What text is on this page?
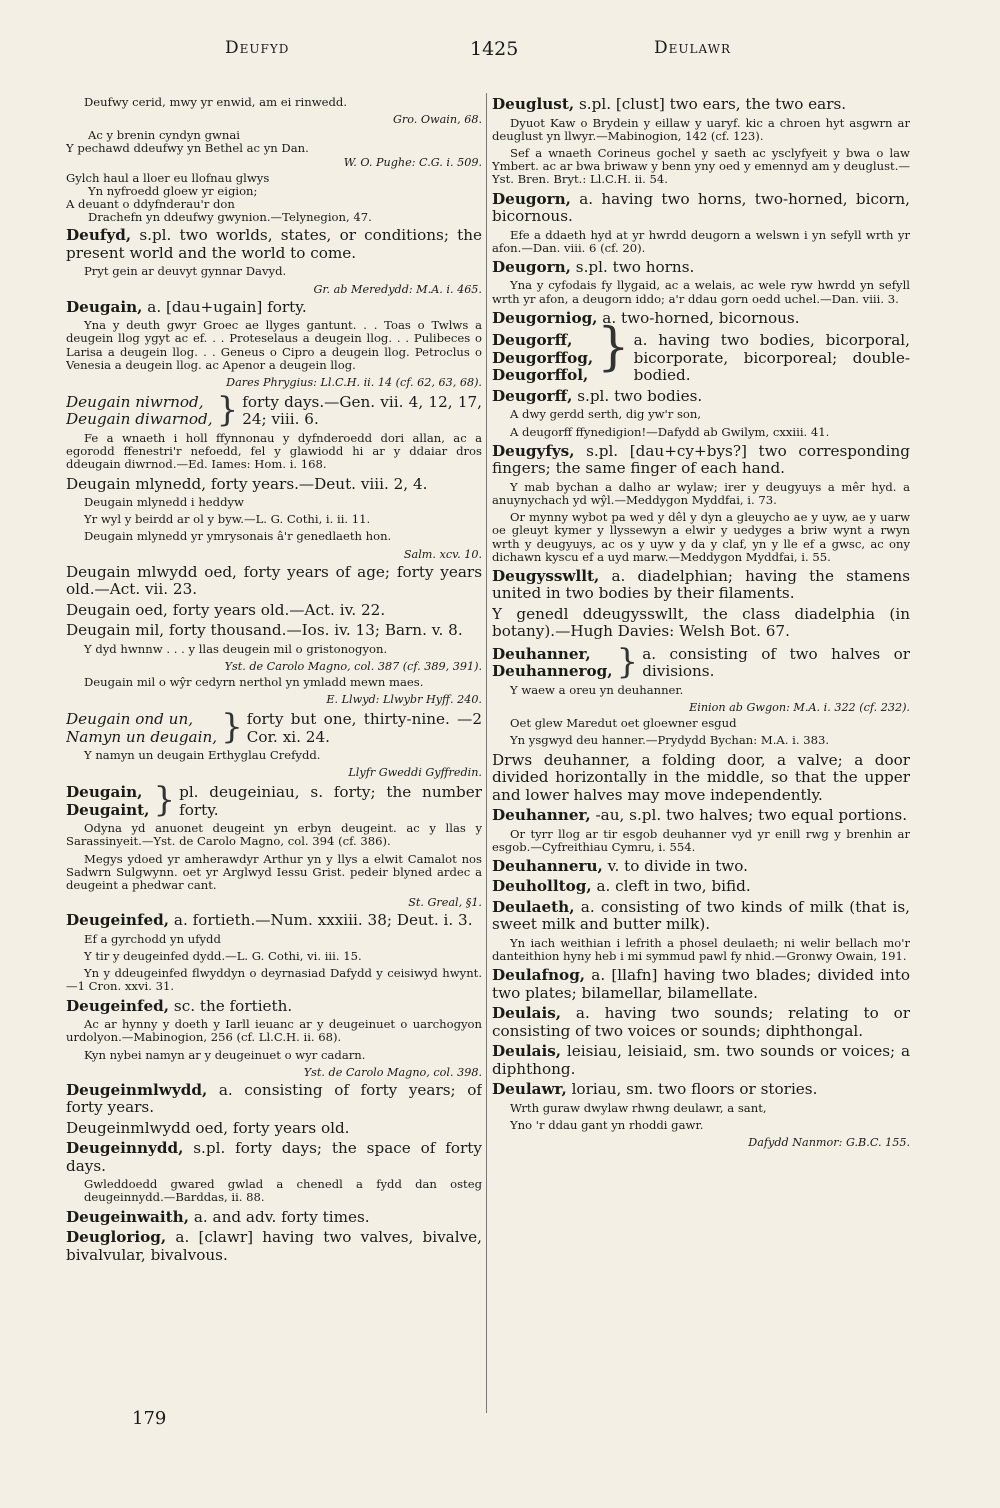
Deufyd	1425	Deulawr
Deufwy cerid, mwy yr enwid, am ei rinwedd.
Gro. Owain, 68.
Ac y brenin cyndyn gwnai
Y pechawd ddeufwy yn Bethel ac yn Dan.
W. O. Pughe: C.G. i. 509.
Gylch haul a lloer eu llofnau glwys
Yn nyfroedd gloew yr eigion;
A deuant o ddyfnderau'r don
Drachefn yn ddeufwy gwynion.—Telynegion, 47.
Deufyd, s.pl. two worlds, states, or conditions; the present world and the world to come.
Pryt gein ar deuvyt gynnar Davyd.
Gr. ab Meredydd: M.A. i. 465.
Deugain, a. [dau+ugain] forty.
Yna y deuth gwyr Groec ae llyges gantunt. . . Toas o Twlws a deugein llog ygyt ac ef. . . Proteselaus a deugein llog. . . Pulibeces o Larisa a deugein llog. . . Geneus o Cipro a deugein llog. Petroclus o Venesia a deugein llog. ac Apenor a deugein llog.
Dares Phrygius: Ll.C.H. ii. 14 (cf. 62, 63, 68).
Deugain niwrnod,
Deugain diwarnod, } forty days.—Gen. vii. 4, 12, 17, 24; viii. 6.
Fe a wnaeth i holl ffynnonau y dyfnderoedd dori allan, ac a egorodd ffenestri'r nefoedd, fel y glawiodd hi ar y ddaiar dros ddeugain diwrnod.—Ed. Iames: Hom. i. 168.
Deugain mlynedd, forty years.—Deut. viii. 2, 4.
Deugain mlynedd i heddyw
Yr wyl y beirdd ar ol y byw.—L. G. Cothi, i. ii. 11.
Deugain mlynedd yr ymrysonais â'r genedlaeth hon.
Salm. xcv. 10.
Deugain mlwydd oed, forty years of age; forty years old.—Act. vii. 23.
Deugain oed, forty years old.—Act. iv. 22.
Deugain mil, forty thousand.—Ios. iv. 13; Barn. v. 8.
Y dyd hwnnw . . . y llas deugein mil o gristonogyon.
Yst. de Carolo Magno, col. 387 (cf. 389, 391).
Deugain mil o wŷr cedyrn nerthol yn ymladd mewn maes.
E. Llwyd: Llwybr Hyff. 240.
Deugain ond un,
Namyn un deugain, } forty but one, thirty-nine. —2 Cor. xi. 24.
Y namyn un deugain Erthyglau Crefydd.
Llyfr Gweddi Gyffredin.
Deugain,
Deugaint, } pl. deugeiniau, s. forty; the number forty.
Odyna yd anuonet deugeint yn erbyn deugeint. ac y llas y Sarassinyeit.—Yst. de Carolo Magno, col. 394 (cf. 386).
Megys ydoed yr amherawdyr Arthur yn y llys a elwit Camalot nos Sadwrn Sulgwynn. oet yr Arglwyd Iessu Grist. pedeir blyned ardec a deugeint a phedwar cant.
St. Greal, §1.
Deugeinfed, a. fortieth.—Num. xxxiii. 38; Deut. i. 3.
Ef a gyrchodd yn ufydd
Y tir y deugeinfed dydd.—L. G. Cothi, vi. iii. 15.
Yn y ddeugeinfed flwyddyn o deyrnasiad Dafydd y ceisiwyd hwynt.—1 Cron. xxvi. 31.
Deugeinfed, sc. the fortieth.
Ac ar hynny y doeth y Iarll ieuanc ar y deugeinuet o uarchogyon urdolyon.—Mabinogion, 256 (cf. Ll.C.H. ii. 68).
Kyn nybei namyn ar y deugeinuet o wyr cadarn.
Yst. de Carolo Magno, col. 398.
Deugeinmlwydd, a. consisting of forty years; of forty years.
Deugeinmlwydd oed, forty years old.
Deugeinnydd, s.pl. forty days; the space of forty days.
Gwleddoedd gwared gwlad a chenedl a fydd dan osteg deugeinnydd.—Barddas, ii. 88.
Deugeinwaith, a. and adv. forty times.
Deugloriog, a. [clawr] having two valves, bivalve, bivalvular, bivalvous.
Deuglust, s.pl. [clust] two ears, the two ears.
Dyuot Kaw o Brydein y eillaw y uaryf. kic a chroen hyt asgwrn ar deuglust yn llwyr.—Mabinogion, 142 (cf. 123).
Sef a wnaeth Corineus gochel y saeth ac ysclyfyeit y bwa o law Ymbert. ac ar bwa briwaw y benn yny oed y emennyd am y deuglust.—Yst. Bren. Bryt.: Ll.C.H. ii. 54.
Deugorn, a. having two horns, two-horned, bicorn, bicornous.
Efe a ddaeth hyd at yr hwrdd deugorn a welswn i yn sefyll wrth yr afon.—Dan. viii. 6 (cf. 20).
Deugorn, s.pl. two horns.
Yna y cyfodais fy llygaid, ac a welais, ac wele ryw hwrdd yn sefyll wrth yr afon, a deugorn iddo; a'r ddau gorn oedd uchel.—Dan. viii. 3.
Deugorniog, a. two-horned, bicornous.
Deugorff,
Deugorffog,
Deugorffol, } a. having two bodies, bicorporal, bicorporate, bicorporeal; double-bodied.
Deugorff, s.pl. two bodies.
A dwy gerdd serth, dig yw'r son,
A deugorff ffynedigion!—Dafydd ab Gwilym, cxxiii. 41.
Deugyfys, s.pl. [dau+cy+bys?] two corresponding fingers; the same finger of each hand.
Y mab bychan a dalho ar wylaw; irer y deugyuys a mêr hyd. a anuynychach yd wŷl.—Meddygon Myddfai, i. 73.
Or mynny wybot pa wed y dêl y dyn a gleuycho ae y uyw, ae y uarw oe gleuyt kymer y llyssewyn a elwir y uedyges a briw wynt a rwyn wrth y deugyuys, ac os y uyw y da y claf, yn y lle ef a gwsc, ac ony dichawn kyscu ef a uyd marw.—Meddygon Myddfai, i. 55.
Deugysswllt, a. diadelphian; having the stamens united in two bodies by their filaments.
Y genedl ddeugysswllt, the class diadelphia (in botany).—Hugh Davies: Welsh Bot. 67.
Deuhanner,
Deuhannerog, } a. consisting of two halves or divisions.
Y waew a oreu yn deuhanner.
Einion ab Gwgon: M.A. i. 322 (cf. 232).
Oet glew Maredut oet gloewner esgud
Yn ysgwyd deu hanner.—Prydydd Bychan: M.A. i. 383.
Drws deuhanner, a folding door, a valve; a door divided horizontally in the middle, so that the upper and lower halves may move independently.
Deuhanner, -au, s.pl. two halves; two equal portions.
Or tyrr llog ar tir esgob deuhanner vyd yr enill rwg y brenhin ar esgob.—Cyfreithiau Cymru, i. 554.
Deuhanneru, v. to divide in two.
Deuholltog, a. cleft in two, bifid.
Deulaeth, a. consisting of two kinds of milk (that is, sweet milk and butter milk).
Yn iach weithian i lefrith a phosel deulaeth; ni welir bellach mo'r danteithion hyny heb i mi symmud pawl fy nhid.—Gronwy Owain, 191.
Deulafnog, a. [llafn] having two blades; divided into two plates; bilamellar, bilamellate.
Deulais, a. having two sounds; relating to or consisting of two voices or sounds; diphthongal.
Deulais, leisiau, leisiaid, sm. two sounds or voices; a diphthong.
Deulawr, loriau, sm. two floors or stories.
Wrth guraw dwylaw rhwng deulawr, a sant,
Yno 'r ddau gant yn rhoddi gawr.
Dafydd Nanmor: G.B.C. 155.
179
